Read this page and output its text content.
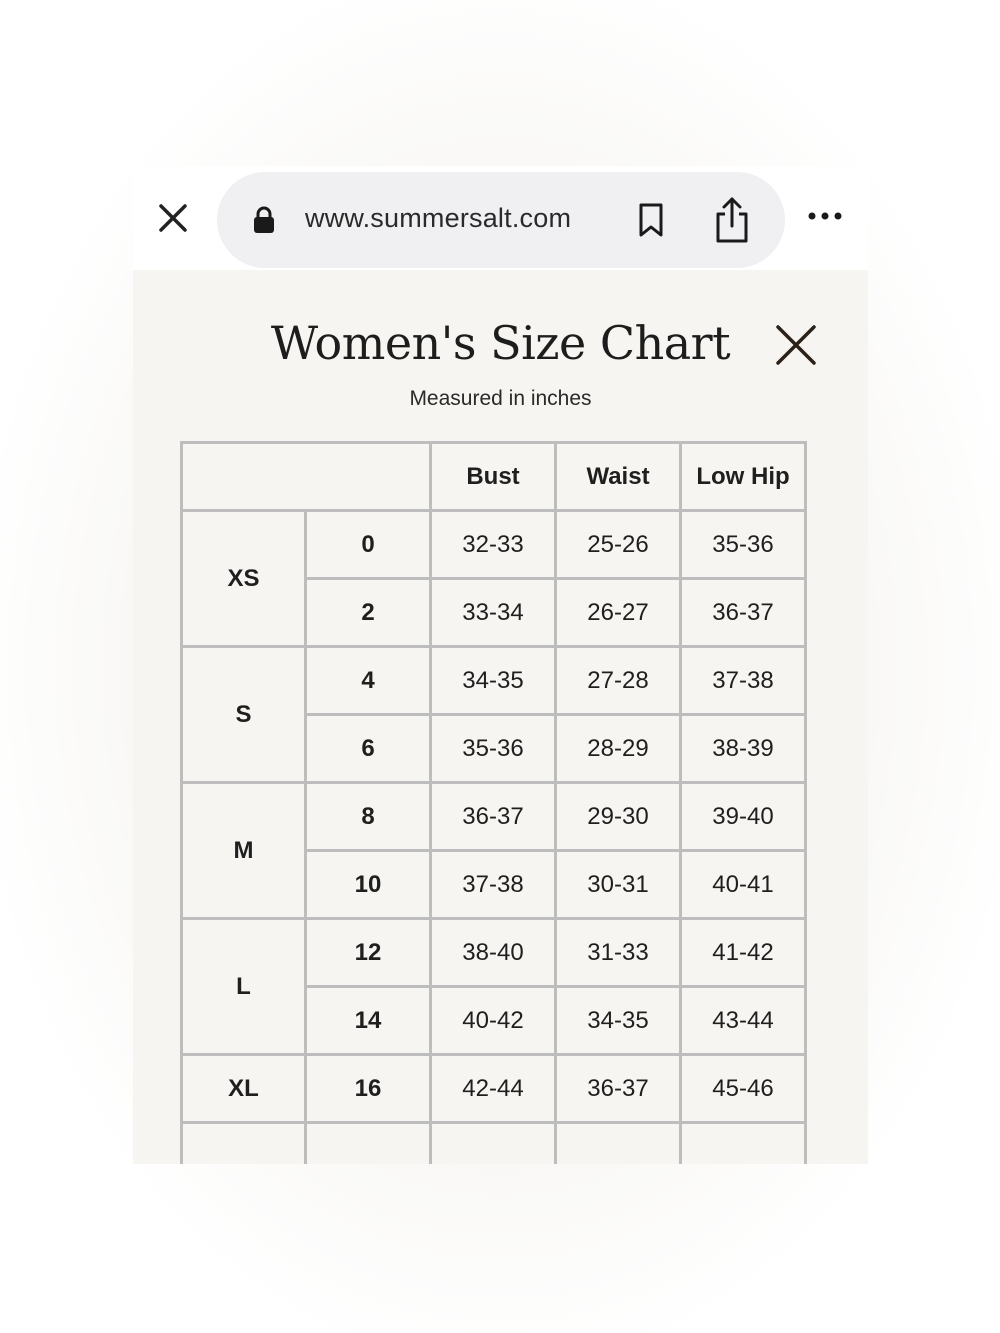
www.summersalt.com
Women's Size Chart
Measured in inches
		Bust	Waist	Low Hip
XS	0	32-33	25-26	35-36
	2	33-34	26-27	36-37
S	4	34-35	27-28	37-38
	6	35-36	28-29	38-39
M	8	36-37	29-30	39-40
	10	37-38	30-31	40-41
L	12	38-40	31-33	41-42
	14	40-42	34-35	43-44
XL	16	42-44	36-37	45-46
